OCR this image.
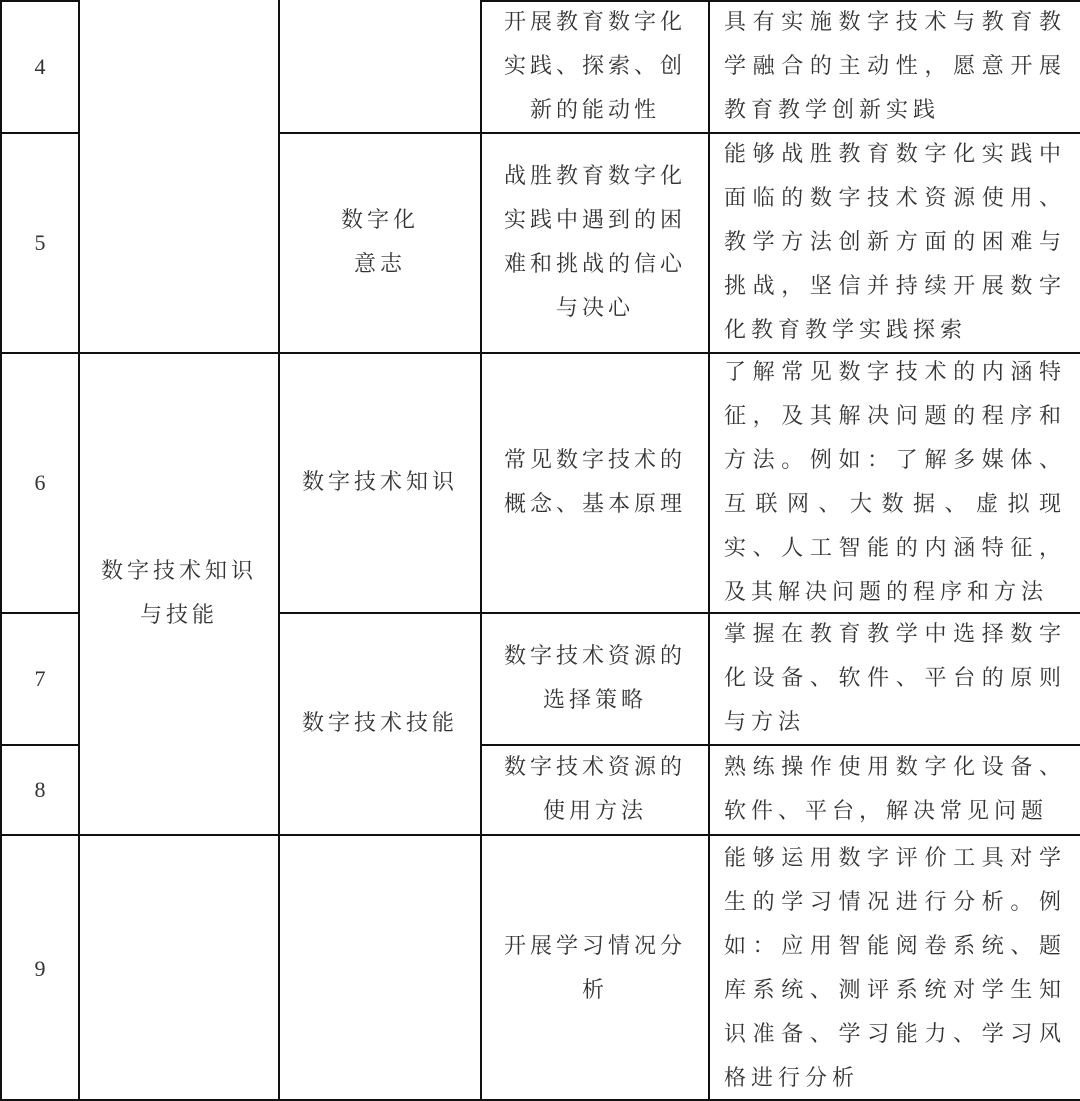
4
5
6
7
8
9
数字技术知识与技能
数字化意志
数字技术知识
数字技术技能
开展教育数字化实践、探索、创新的能动性
战胜教育数字化实践中遇到的困难和挑战的信心与决心
常见数字技术的概念、基本原理
数字技术资源的选择策略
数字技术资源的使用方法
开展学习情况分析
具有实施数字技术与教育教学融合的主动性，愿意开展教育教学创新实践
能够战胜教育数字化实践中面临的数字技术资源使用、教学方法创新方面的困难与挑战，坚信并持续开展数字化教育教学实践探索
了解常见数字技术的内涵特征，及其解决问题的程序和方法。例如：了解多媒体、互联网、大数据、虚拟现实、人工智能的内涵特征，及其解决问题的程序和方法
掌握在教育教学中选择数字化设备、软件、平台的原则与方法
熟练操作使用数字化设备、软件、平台，解决常见问题
能够运用数字评价工具对学生的学习情况进行分析。例如：应用智能阅卷系统、题库系统、测评系统对学生知识准备、学习能力、学习风格进行分析
